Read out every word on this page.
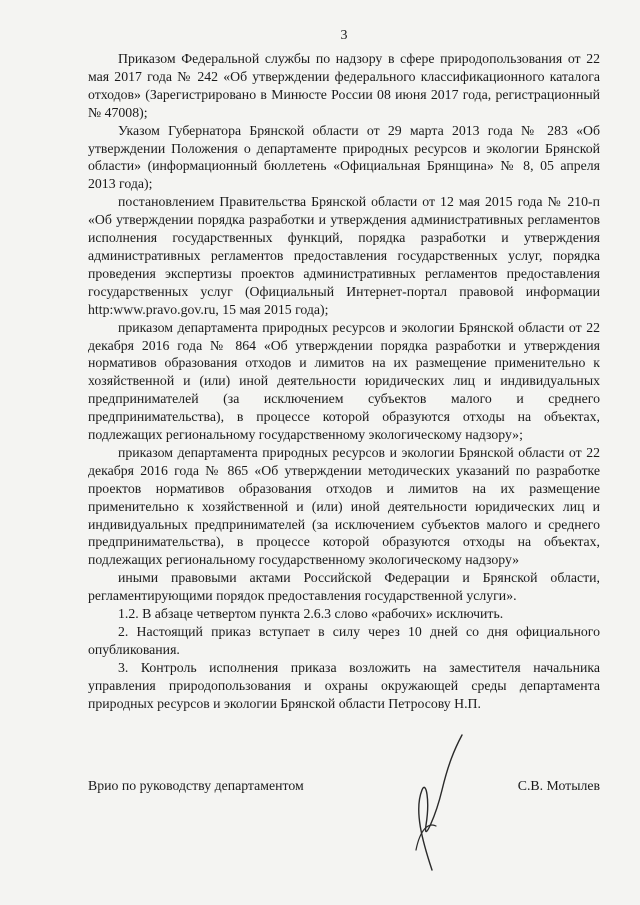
3

Приказом Федеральной службы по надзору в сфере природопользования от 22 мая 2017 года № 242 «Об утверждении федерального классификационного каталога отходов» (Зарегистрировано в Минюсте России 08 июня 2017 года, регистрационный № 47008);

Указом Губернатора Брянской области от 29 марта 2013 года № 283 «Об утверждении Положения о департаменте природных ресурсов и экологии Брянской области» (информационный бюллетень «Официальная Брянщина» № 8, 05 апреля 2013 года);

постановлением Правительства Брянской области от 12 мая 2015 года № 210-п «Об утверждении порядка разработки и утверждения административных регламентов исполнения государственных функций, порядка разработки и утверждения административных регламентов предоставления государственных услуг, порядка проведения экспертизы проектов административных регламентов предоставления государственных услуг (Официальный Интернет-портал правовой информации http:www.pravo.gov.ru, 15 мая 2015 года);

приказом департамента природных ресурсов и экологии Брянской области от 22 декабря 2016 года № 864 «Об утверждении порядка разработки и утверждения нормативов образования отходов и лимитов на их размещение применительно к хозяйственной и (или) иной деятельности юридических лиц и индивидуальных предпринимателей (за исключением субъектов малого и среднего предпринимательства), в процессе которой образуются отходы на объектах, подлежащих региональному государственному экологическому надзору»;

приказом департамента природных ресурсов и экологии Брянской области от 22 декабря 2016 года № 865 «Об утверждении методических указаний по разработке проектов нормативов образования отходов и лимитов на их размещение применительно к хозяйственной и (или) иной деятельности юридических лиц и индивидуальных предпринимателей (за исключением субъектов малого и среднего предпринимательства), в процессе которой образуются отходы на объектах, подлежащих региональному государственному экологическому надзору»

иными правовыми актами Российской Федерации и Брянской области, регламентирующими порядок предоставления государственной услуги».

1.2. В абзаце четвертом пункта 2.6.3 слово «рабочих» исключить.

2. Настоящий приказ вступает в силу через 10 дней со дня официального опубликования.

3. Контроль исполнения приказа возложить на заместителя начальника управления природопользования и охраны окружающей среды департамента природных ресурсов и экологии Брянской области Петросову Н.П.

Врио по руководству департаментом	С.В. Мотылев
